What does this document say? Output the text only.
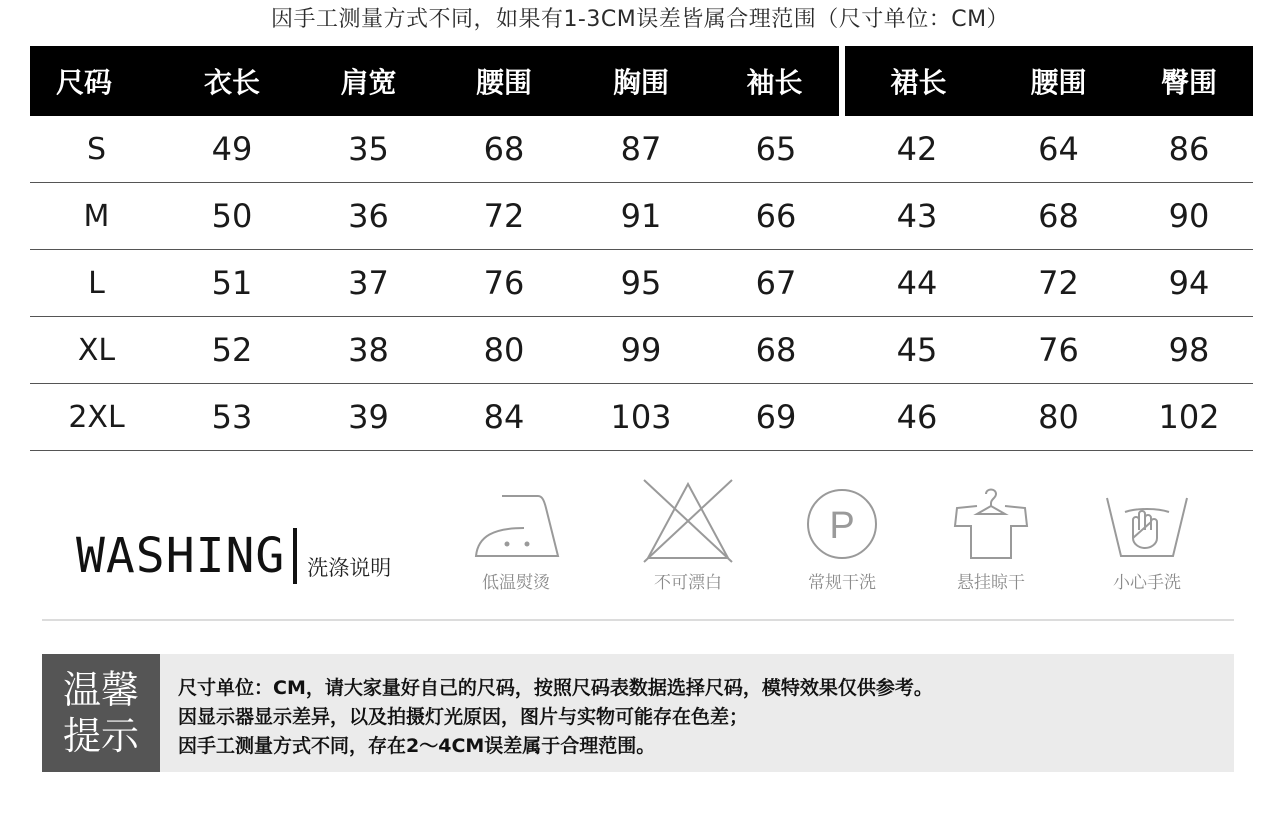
因手工测量方式不同，如果有1-3CM误差皆属合理范围（尺寸单位：CM）
尺码	衣长	肩宽	腰围	胸围	袖长	裙长	腰围	臀围
S	49	35	68	87	65	42	64	86
M	50	36	72	91	66	43	68	90
L	51	37	76	95	67	44	72	94
XL	52	38	80	99	68	45	76	98
2XL	53	39	84	103	69	46	80	102
WASHING 洗涤说明
低温熨烫	不可漂白
P
常规干洗	悬挂晾干	小心手洗
温馨
提示
尺寸单位：CM，请大家量好自己的尺码，按照尺码表数据选择尺码，模特效果仅供参考。
因显示器显示差异，以及拍摄灯光原因，图片与实物可能存在色差；
因手工测量方式不同，存在2～4CM误差属于合理范围。
